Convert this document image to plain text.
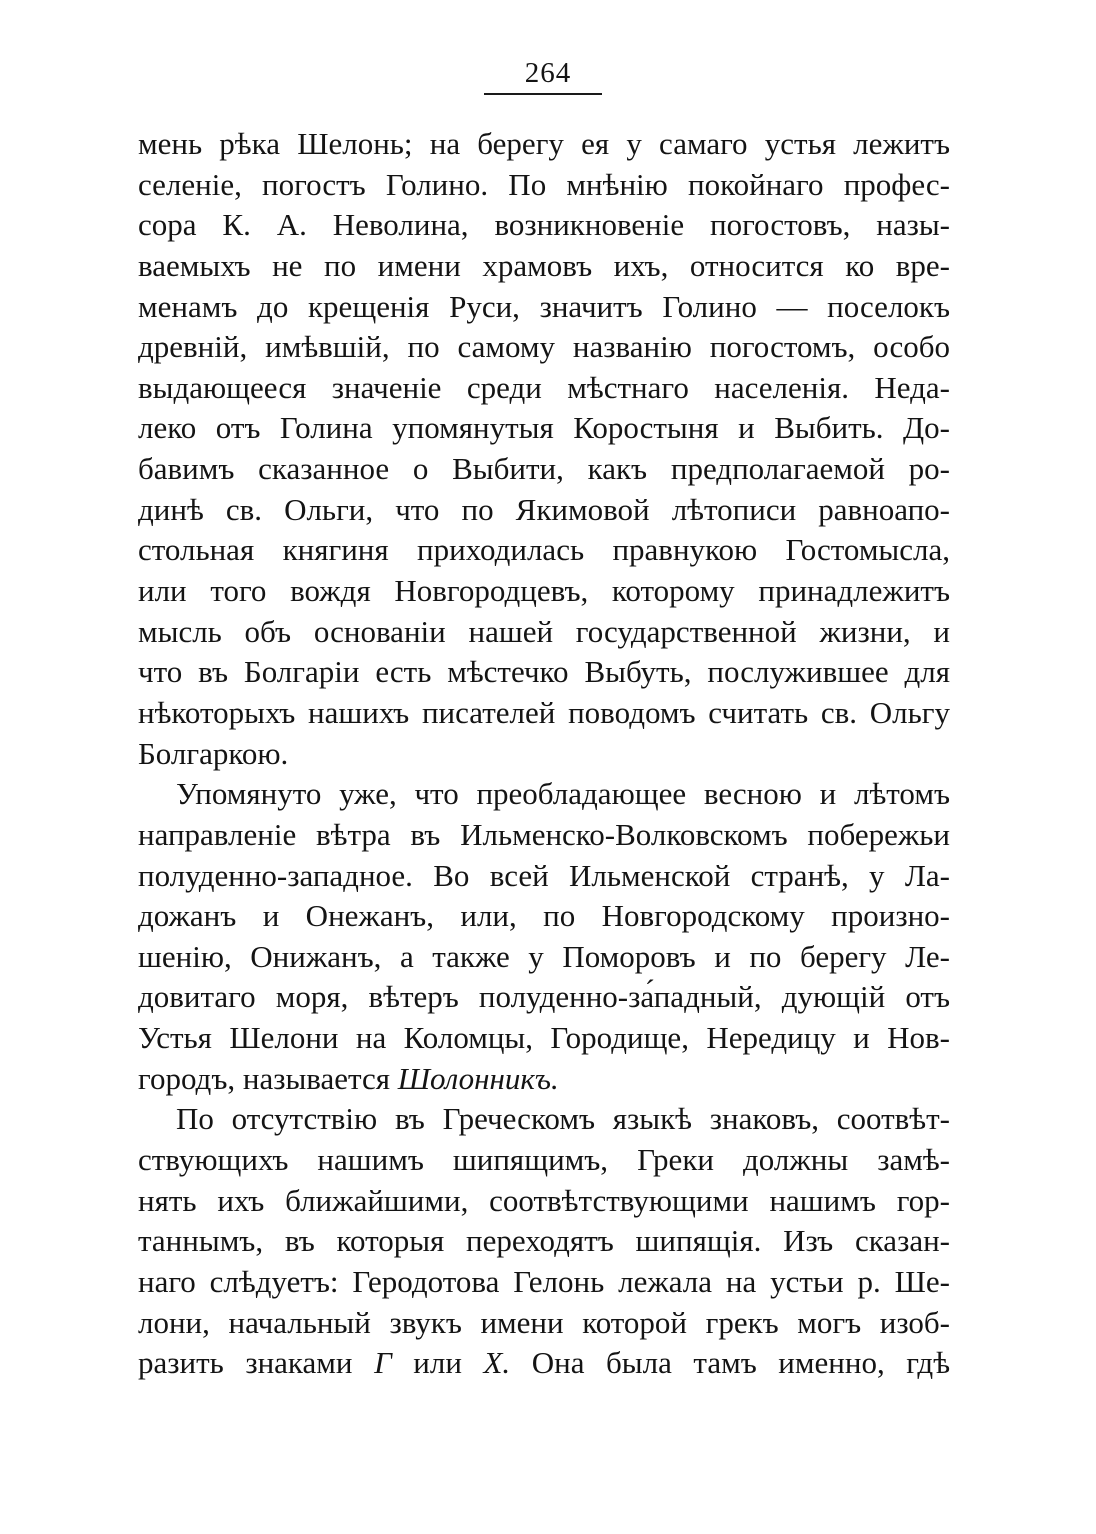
264
мень рѣка Шелонь; на берегу ея у самаго устья лежитъ
селеніе, погостъ Голино. По мнѣнію покойнаго профес-
сора К. А. Неволина, возникновеніе погостовъ, назы-
ваемыхъ не по имени храмовъ ихъ, относится ко вре-
менамъ до крещенія Руси, значитъ Голино — поселокъ
древній, имѣвшій, по самому названію погостомъ, особо
выдающееся значеніе среди мѣстнаго населенія. Неда-
леко отъ Голина упомянутыя Коростыня и Выбить. До-
бавимъ сказанное о Выбити, какъ предполагаемой ро-
динѣ св. Ольги, что по Якимовой лѣтописи равноапо-
стольная княгиня приходилась правнукою Гостомысла,
или того вождя Новгородцевъ, которому принадлежитъ
мысль объ основаніи нашей государственной жизни, и
что въ Болгаріи есть мѣстечко Выбуть, послужившее для
нѣкоторыхъ нашихъ писателей поводомъ считать св. Ольгу
Болгаркою.
Упомянуто уже, что преобладающее весною и лѣтомъ
направленіе вѣтра въ Ильменско-Волковскомъ побережьи
полуденно-западное. Во всей Ильменской странѣ, у Ла-
дожанъ и Онежанъ, или, по Новгородскому произно-
шенію, Онижанъ, а также у Поморовъ и по берегу Ле-
довитаго моря, вѣтеръ полуденно-за́падный, дующій отъ
Устья Шелони на Коломцы, Городище, Нередицу и Нов-
городъ, называется Шолонникъ.
По отсутствію въ Греческомъ языкѣ знаковъ, соотвѣт-
ствующихъ нашимъ шипящимъ, Греки должны замѣ-
нять ихъ ближайшими, соотвѣтствующими нашимъ гор-
таннымъ, въ которыя переходятъ шипящія. Изъ сказан-
наго слѣдуетъ: Геродотова Гелонь лежала на устьи р. Ше-
лони, начальный звукъ имени которой грекъ могъ изоб-
разить знаками Г или Х. Она была тамъ именно, гдѣ
